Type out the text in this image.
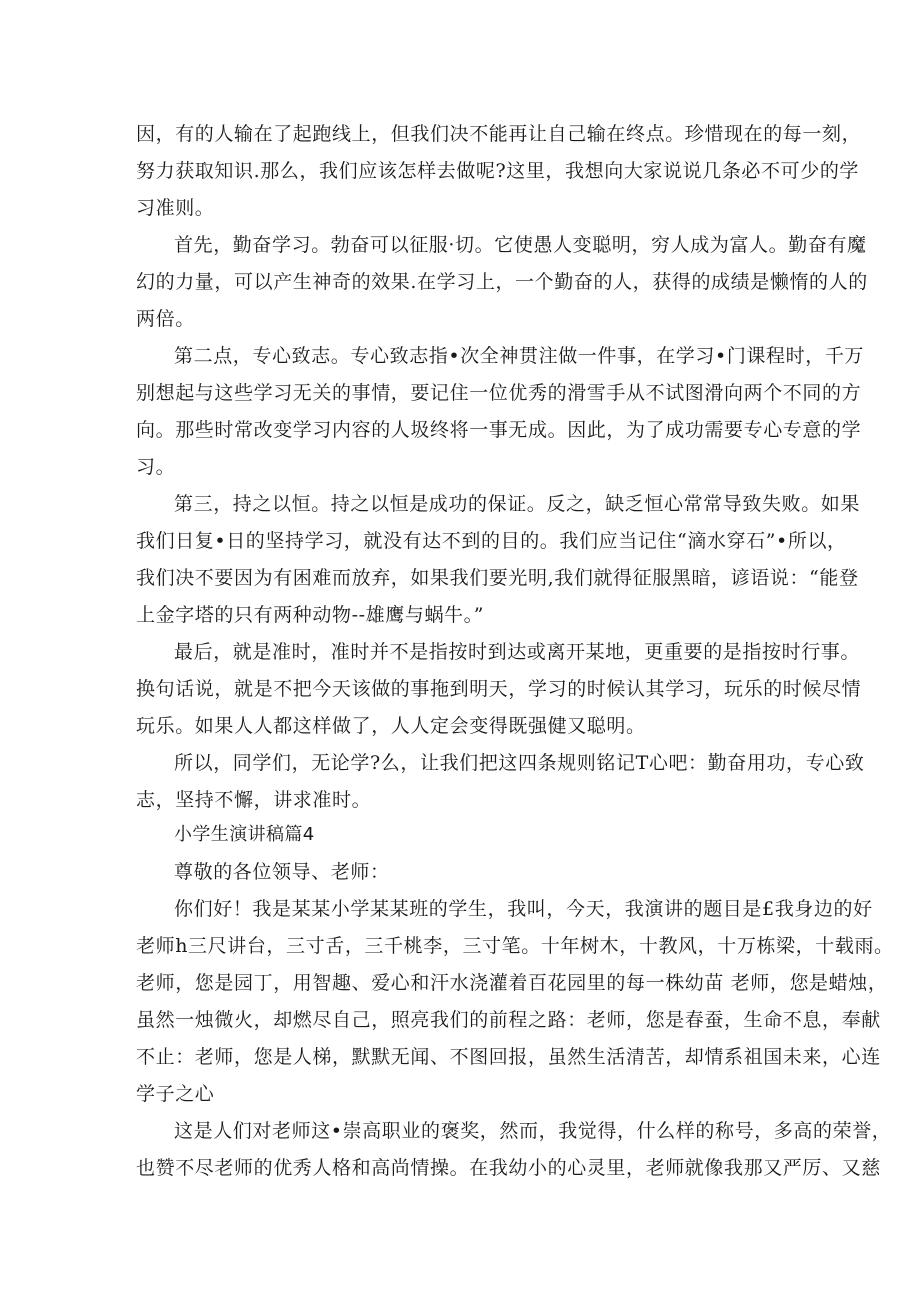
因，有的人输在了起跑线上，但我们决不能再让自己输在终点。珍惜现在的每一刻，
努力获取知识.那么，我们应该怎样去做呢?这里，我想向大家说说几条必不可少的学
习准则。
首先，勤奋学习。勃奋可以征服·切。它使愚人变聪明，穷人成为富人。勤奋有魔
幻的力量，可以产生神奇的效果.在学习上，一个勤奋的人，获得的成绩是懒惰的人的
两倍。
第二点，专心致志。专心致志指•次全神贯注做一件事，在学习•门课程时，千万
别想起与这些学习无关的事情，要记住一位优秀的滑雪手从不试图滑向两个不同的方
向。那些时常改变学习内容的人圾终将一事无成。因此，为了成功需要专心专意的学
习。
第三，持之以恒。持之以恒是成功的保证。反之，缺乏恒心常常导致失败。如果
我们日复•日的坚持学习，就没有达不到的目的。我们应当记住“滴水穿石”•所以，
我们决不要因为有困难而放弃，如果我们要光明,我们就得征服黑暗，谚语说：“能登
上金字塔的只有两种动物--雄鹰与蜗牛。”
最后，就是准时，准时并不是指按时到达或离开某地，更重要的是指按时行事。
换句话说，就是不把今天该做的事拖到明天，学习的时候认其学习，玩乐的时候尽情
玩乐。如果人人都这样做了，人人定会变得既强健又聪明。
所以，同学们，无论学?么，让我们把这四条规则铭记T心吧：勤奋用功，专心致
志，坚持不懈，讲求准时。
小学生演讲稿篇4
尊敬的各位领导、老师：
你们好！我是某某小学某某班的学生，我叫，今天，我演讲的题目是£我身边的好
老师h三尺讲台，三寸舌，三千桃李，三寸笔。十年树木，十教风，十万栋梁，十载雨。
老师，您是园丁，用智趣、爱心和汗水浇灌着百花园里的每一株幼苗 老师，您是蜡烛，
虽然一烛微火，却燃尽自己，照亮我们的前程之路：老师，您是春蚕，生命不息，奉献
不止：老师，您是人梯，默默无闻、不图回报，虽然生活清苦，却情系祖国未来，心连
学子之心
这是人们对老师这•崇高职业的褒奖，然而，我觉得，什么样的称号，多高的荣誉，
也赞不尽老师的优秀人格和高尚情操。在我幼小的心灵里，老师就像我那又严厉、又慈
